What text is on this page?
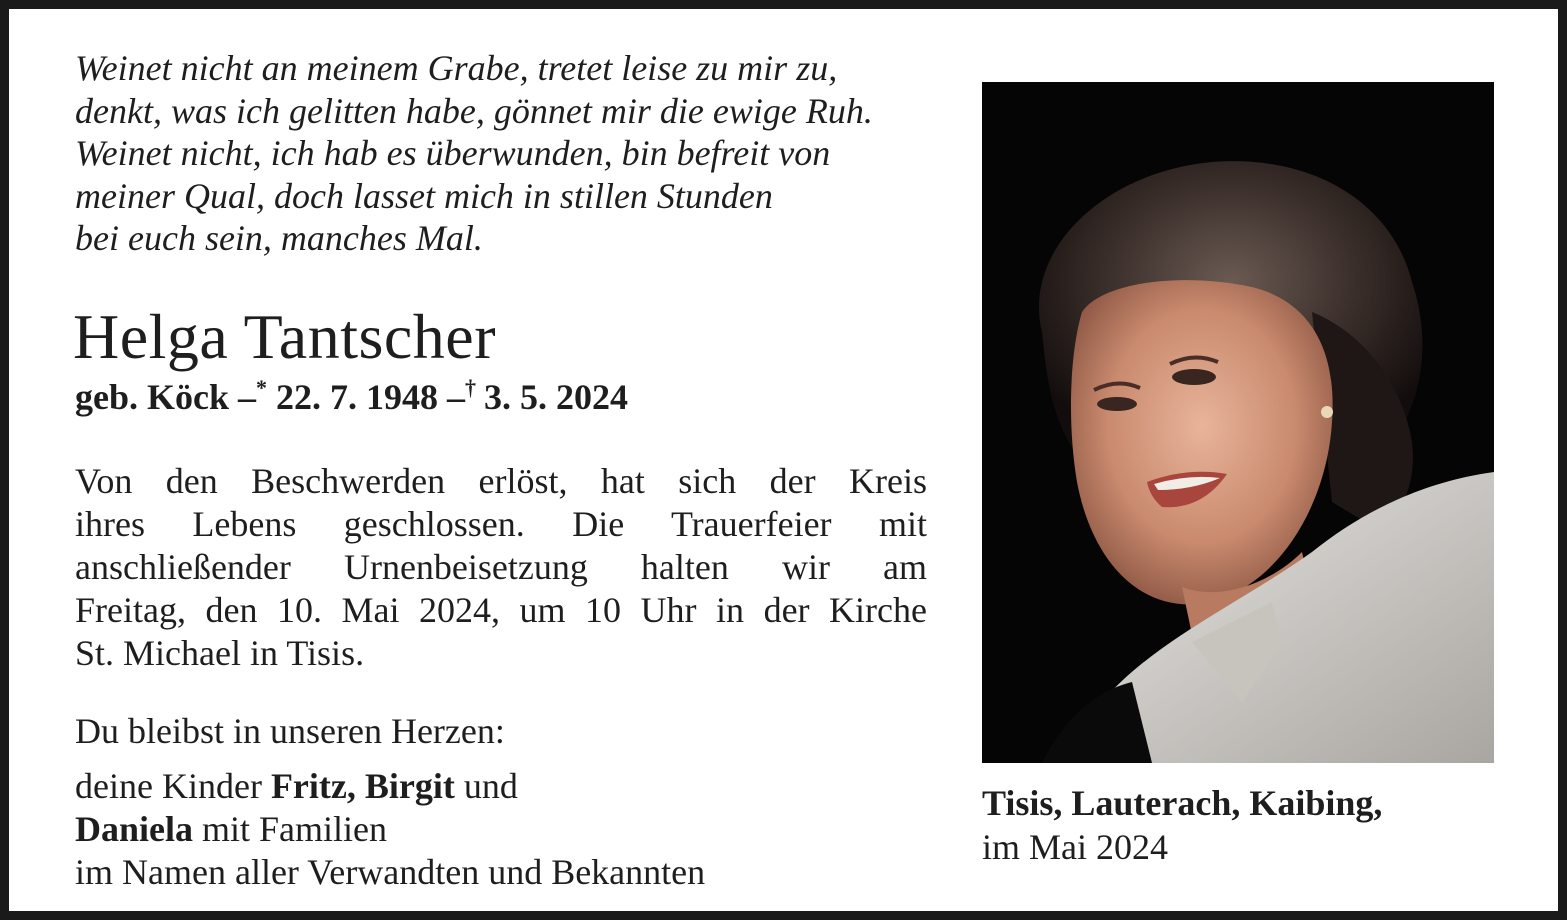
Weinet nicht an meinem Grabe, tretet leise zu mir zu,
denkt, was ich gelitten habe, gönnet mir die ewige Ruh.
Weinet nicht, ich hab es überwunden, bin befreit von
meiner Qual, doch lasset mich in stillen Stunden
bei euch sein, manches Mal.
Helga Tantscher
geb. Köck –* 22. 7. 1948 –† 3. 5. 2024
Von den Beschwerden erlöst, hat sich der Kreis
ihres Lebens geschlossen. Die Trauerfeier mit
anschließender Urnenbeisetzung halten wir am
Freitag, den 10. Mai 2024, um 10 Uhr in der Kirche
St. Michael in Tisis.
Du bleibst in unseren Herzen:
deine Kinder Fritz, Birgit und
Daniela mit Familien
im Namen aller Verwandten und Bekannten
Tisis, Lauterach, Kaibing,
im Mai 2024
